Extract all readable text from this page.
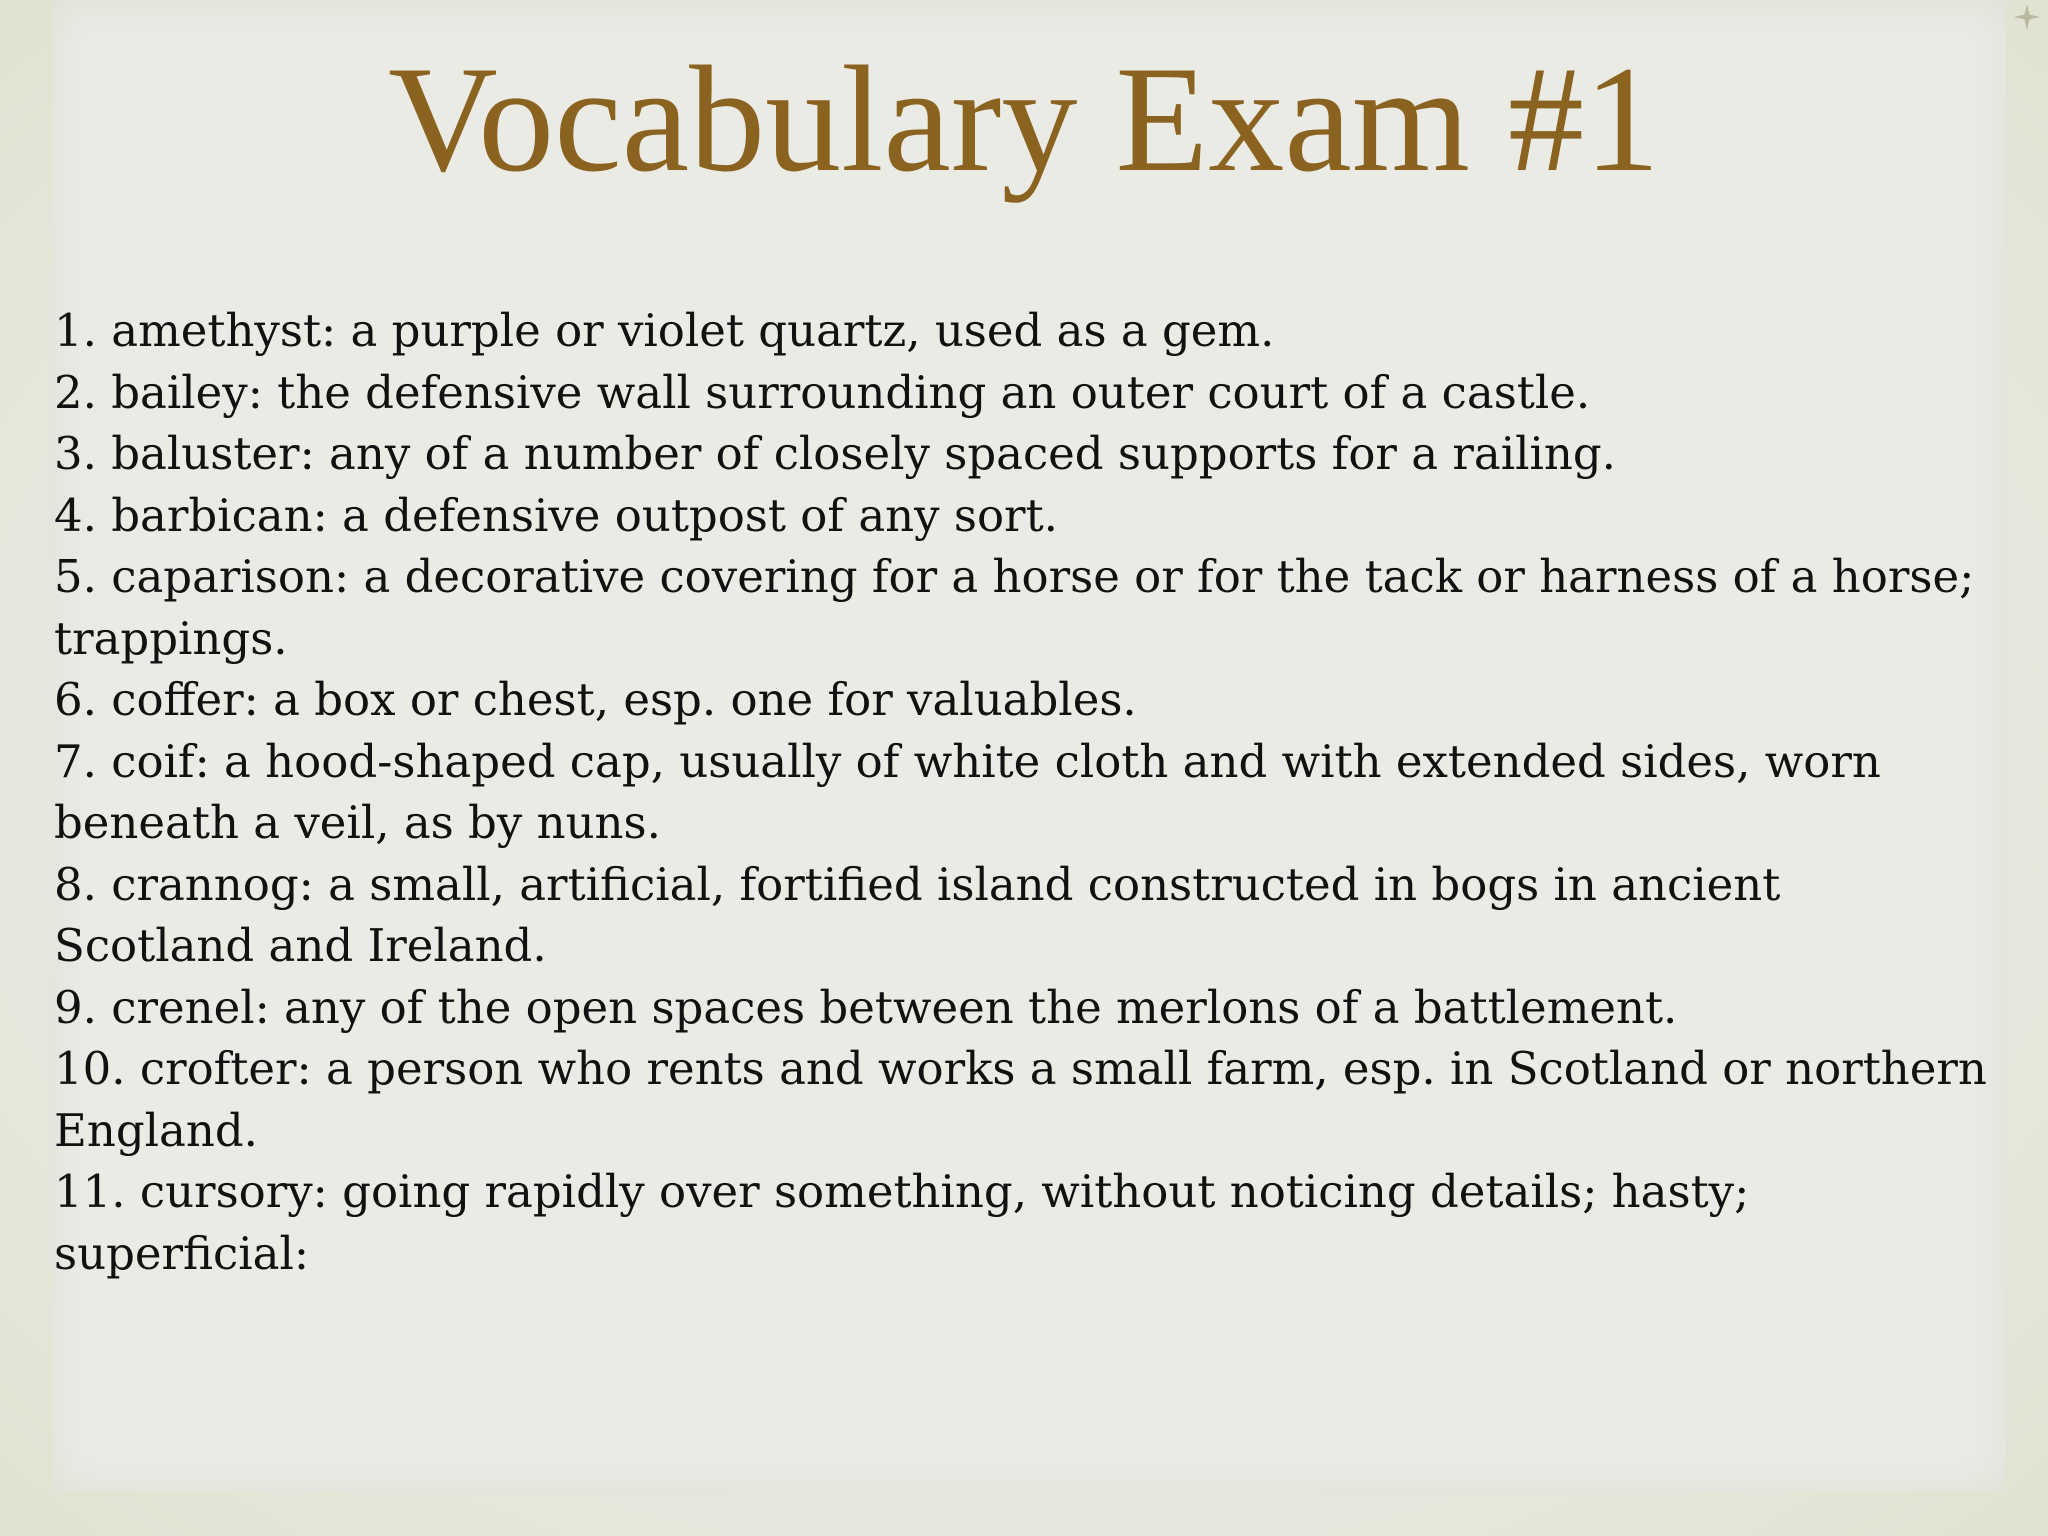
Vocabulary Exam #1
1. amethyst: a purple or violet quartz, used as a gem.
2. bailey: the defensive wall surrounding an outer court of a castle.
3. baluster: any of a number of closely spaced supports for a railing.
4. barbican: a defensive outpost of any sort.
5. caparison: a decorative covering for a horse or for the tack or harness of a horse; trappings.
6. coffer: a box or chest, esp. one for valuables.
7. coif: a hood-shaped cap, usually of white cloth and with extended sides, worn beneath a veil, as by nuns.
8. crannog: a small, artificial, fortified island constructed in bogs in ancient Scotland and Ireland.
9. crenel: any of the open spaces between the merlons of a battlement.
10. crofter: a person who rents and works a small farm, esp. in Scotland or northern England.
11. cursory: going rapidly over something, without noticing details; hasty; superficial:
